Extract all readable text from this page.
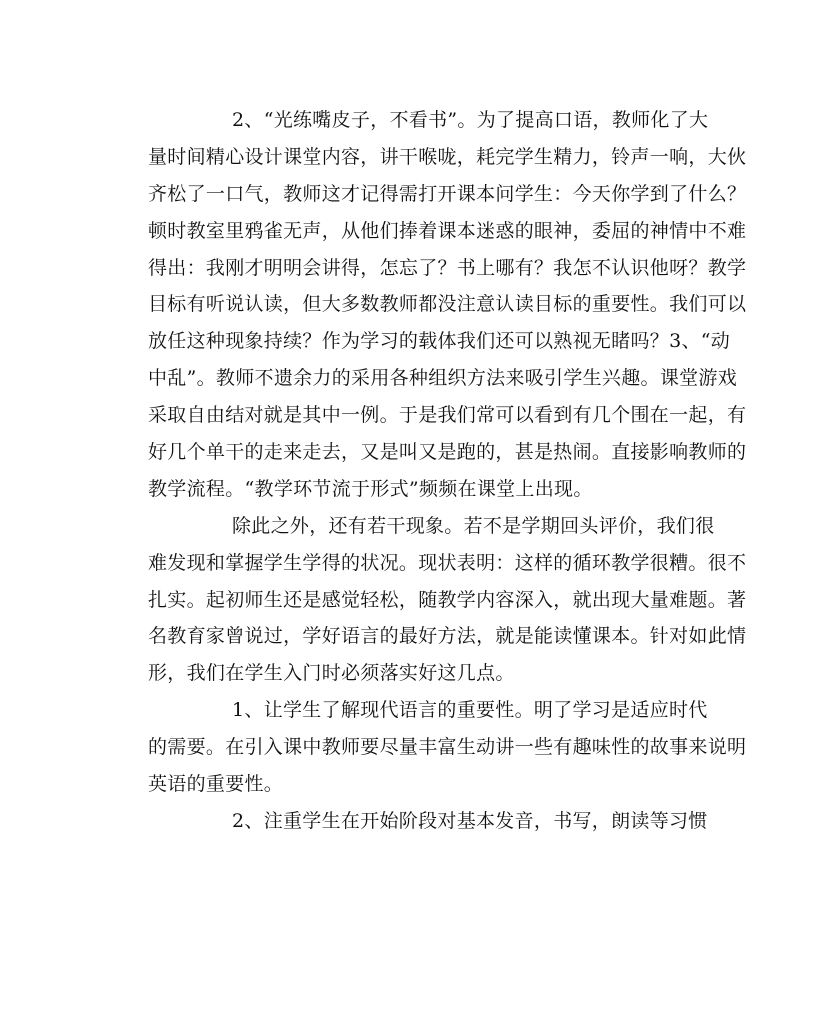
2、“光练嘴皮子，不看书”。为了提高口语，教师化了大
量时间精心设计课堂内容，讲干喉咙，耗完学生精力，铃声一响，大伙
齐松了一口气，教师这才记得需打开课本问学生：今天你学到了什么？
顿时教室里鸦雀无声，从他们捧着课本迷惑的眼神，委屈的神情中不难
得出：我刚才明明会讲得，怎忘了？书上哪有？我怎不认识他呀？教学
目标有听说认读，但大多数教师都没注意认读目标的重要性。我们可以
放任这种现象持续？作为学习的载体我们还可以熟视无睹吗？3、“动
中乱”。教师不遗余力的采用各种组织方法来吸引学生兴趣。课堂游戏
采取自由结对就是其中一例。于是我们常可以看到有几个围在一起，有
好几个单干的走来走去，又是叫又是跑的，甚是热闹。直接影响教师的
教学流程。“教学环节流于形式”频频在课堂上出现。
除此之外，还有若干现象。若不是学期回头评价，我们很
难发现和掌握学生学得的状况。现状表明：这样的循环教学很糟。很不
扎实。起初师生还是感觉轻松，随教学内容深入，就出现大量难题。著
名教育家曾说过，学好语言的最好方法，就是能读懂课本。针对如此情
形，我们在学生入门时必须落实好这几点。
1、让学生了解现代语言的重要性。明了学习是适应时代
的需要。在引入课中教师要尽量丰富生动讲一些有趣味性的故事来说明
英语的重要性。
2、注重学生在开始阶段对基本发音，书写，朗读等习惯
